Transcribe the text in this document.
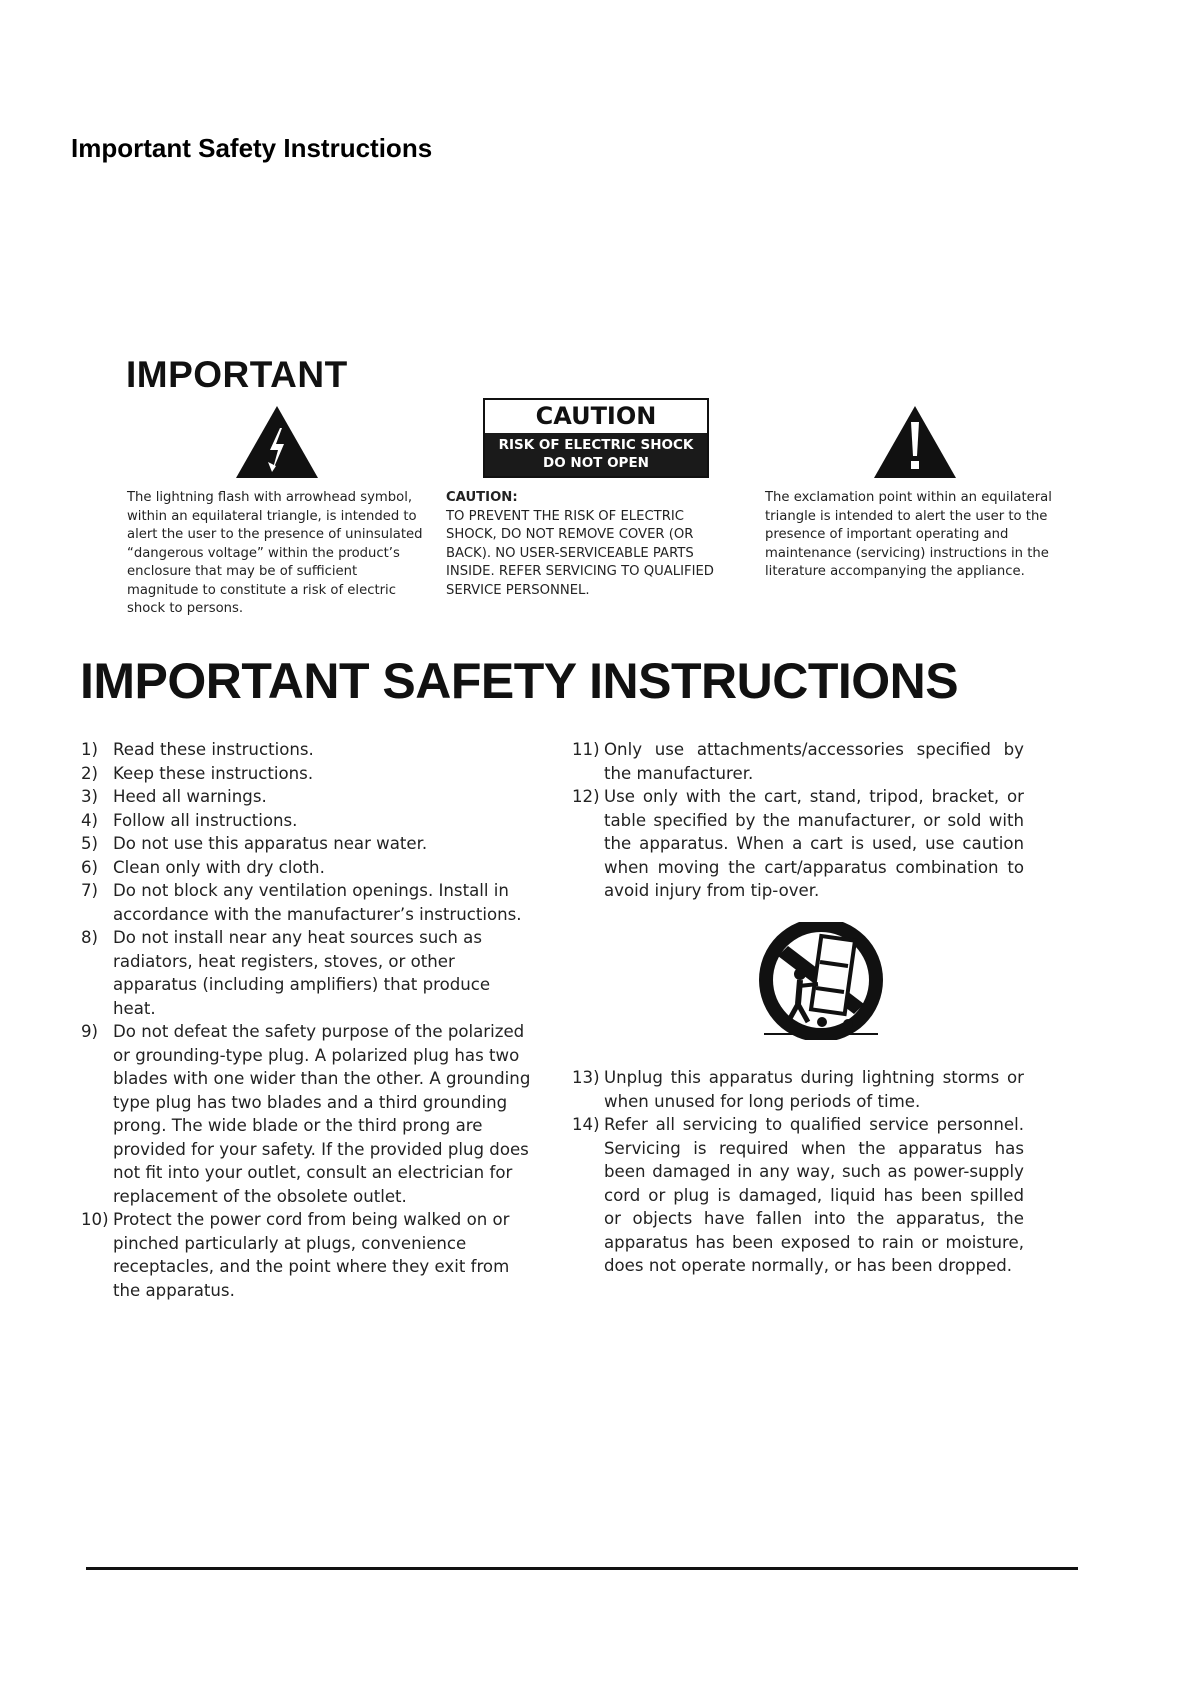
Important Safety Instructions
IMPORTANT
CAUTION
RISK OF ELECTRIC SHOCK
DO NOT OPEN
The lightning flash with arrowhead symbol, within an equilateral triangle, is intended to alert the user to the presence of uninsulated “dangerous voltage” within the product’s enclosure that may be of sufficient magnitude to constitute a risk of electric shock to persons.
CAUTION:
TO PREVENT THE RISK OF ELECTRIC SHOCK, DO NOT REMOVE COVER (OR BACK). NO USER-SERVICEABLE PARTS INSIDE. REFER SERVICING TO QUALIFIED SERVICE PERSONNEL.
The exclamation point within an equilateral triangle is intended to alert the user to the presence of important operating and maintenance (servicing) instructions in the literature accompanying the appliance.
IMPORTANT SAFETY INSTRUCTIONS
1) Read these instructions.
2) Keep these instructions.
3) Heed all warnings.
4) Follow all instructions.
5) Do not use this apparatus near water.
6) Clean only with dry cloth.
7) Do not block any ventilation openings. Install in accordance with the manufacturer’s instructions.
8) Do not install near any heat sources such as radiators, heat registers, stoves, or other apparatus (including amplifiers) that produce heat.
9) Do not defeat the safety purpose of the polarized or grounding-type plug. A polarized plug has two blades with one wider than the other. A grounding type plug has two blades and a third grounding prong. The wide blade or the third prong are provided for your safety. If the provided plug does not fit into your outlet, consult an electrician for replacement of the obsolete outlet.
10) Protect the power cord from being walked on or pinched particularly at plugs, convenience receptacles, and the point where they exit from the apparatus.
11) Only use attachments/accessories specified by the manufacturer.
12) Use only with the cart, stand, tripod, bracket, or table specified by the manufacturer, or sold with the apparatus. When a cart is used, use caution when moving the cart/apparatus combination to avoid injury from tip-over.
13) Unplug this apparatus during lightning storms or when unused for long periods of time.
14) Refer all servicing to qualified service personnel. Servicing is required when the apparatus has been damaged in any way, such as power-supply cord or plug is damaged, liquid has been spilled or objects have fallen into the apparatus, the apparatus has been exposed to rain or moisture, does not operate normally, or has been dropped.
